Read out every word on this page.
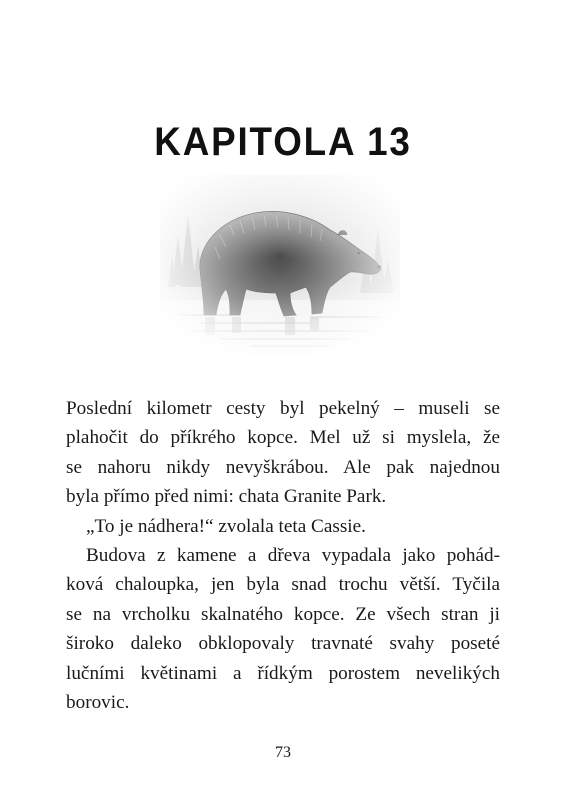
KAPITOLA 13

Poslední kilometr cesty byl pekelný – museli se
plahočit do příkrého kopce. Mel už si myslela, že
se nahoru nikdy nevyškrábou. Ale pak najednou
byla přímo před nimi: chata Granite Park.

„To je nádhera!“ zvolala teta Cassie.

Budova z kamene a dřeva vypadala jako pohád-
ková chaloupka, jen byla snad trochu větší. Tyčila
se na vrcholku skalnatého kopce. Ze všech stran ji
široko daleko obklopovaly travnaté svahy poseté
lučními květinami a řídkým porostem nevelikých
borovic.

73
